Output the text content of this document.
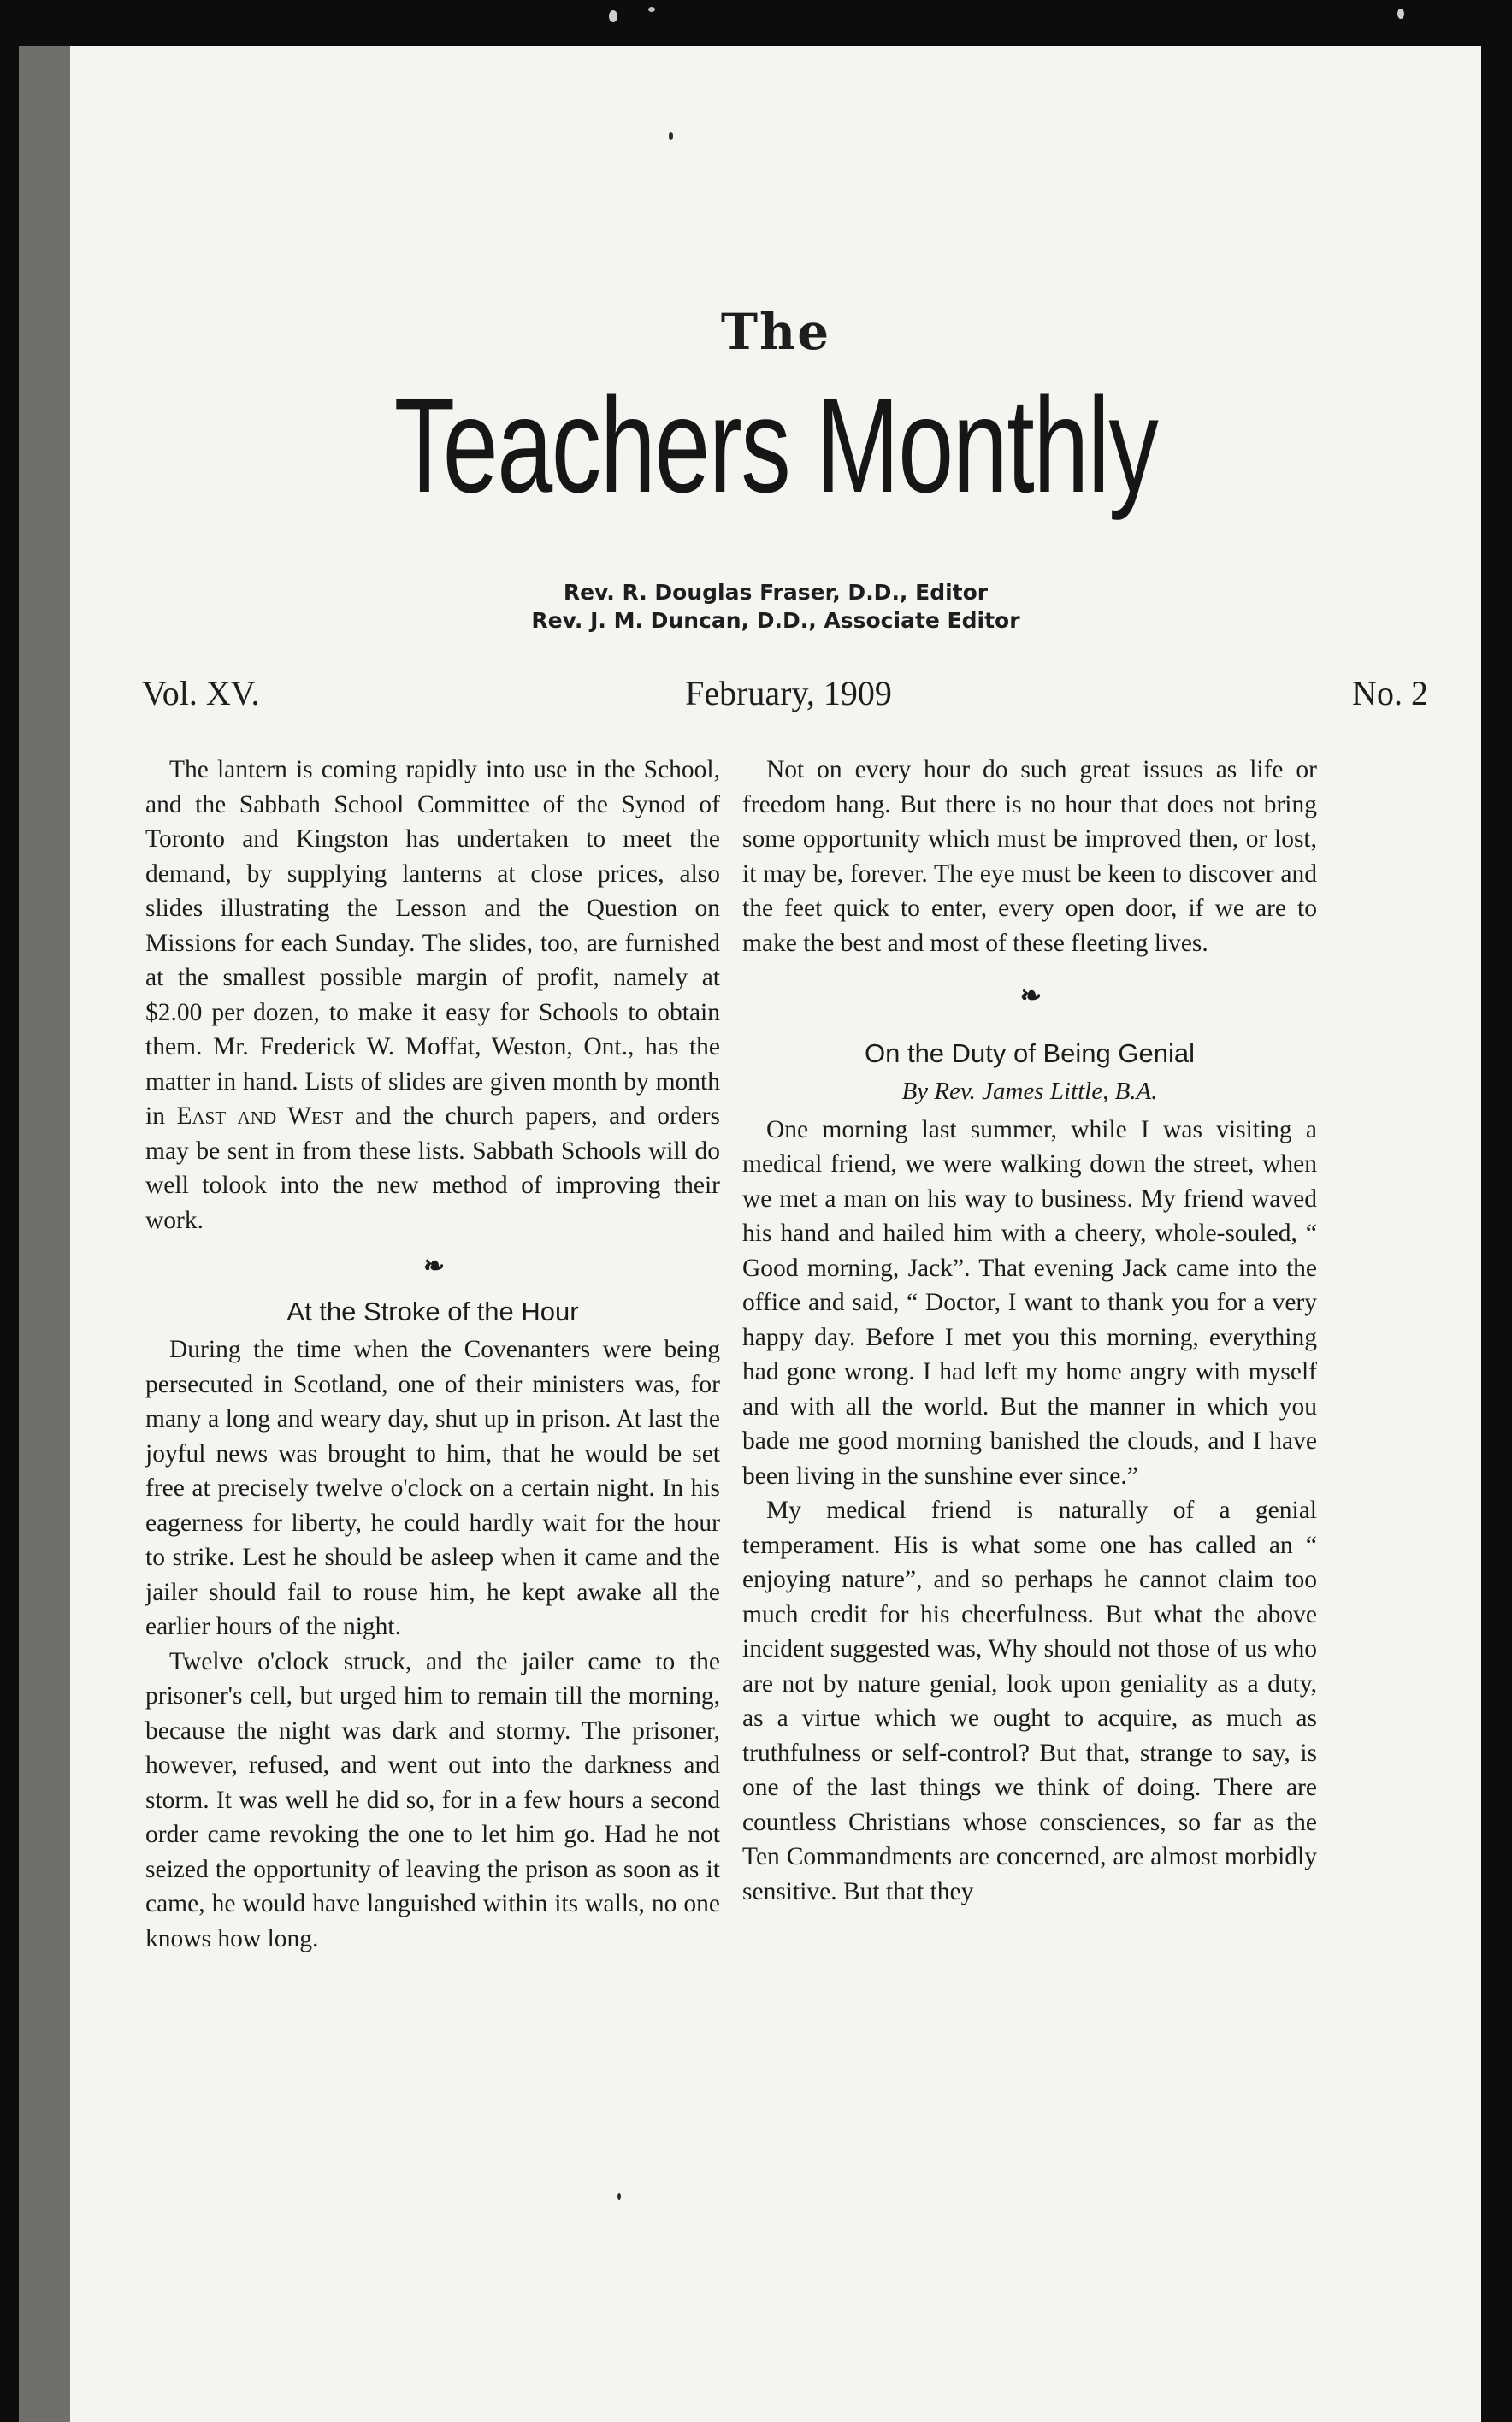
The
Teachers Monthly
Rev. R. Douglas Fraser, D.D., Editor
Rev. J. M. Duncan, D.D., Associate Editor
Vol. XV.	February, 1909	No. 2

The lantern is coming rapidly into use in the School, and the Sabbath School Committee of the Synod of Toronto and Kingston has undertaken to meet the demand, by supplying lanterns at close prices, also slides illustrating the Lesson and the Question on Missions for each Sunday. The slides, too, are furnished at the smallest possible margin of profit, namely at $2.00 per dozen, to make it easy for Schools to obtain them. Mr. Frederick W. Moffat, Weston, Ont., has the matter in hand. Lists of slides are given month by month in East and West and the church papers, and orders may be sent in from these lists. Sabbath Schools will do well tolook into the new method of improving their work.

❧
At the Stroke of the Hour

During the time when the Covenanters were being persecuted in Scotland, one of their ministers was, for many a long and weary day, shut up in prison. At last the joyful news was brought to him, that he would be set free at precisely twelve o'clock on a certain night. In his eagerness for liberty, he could hardly wait for the hour to strike. Lest he should be asleep when it came and the jailer should fail to rouse him, he kept awake all the earlier hours of the night.

Twelve o'clock struck, and the jailer came to the prisoner's cell, but urged him to remain till the morning, because the night was dark and stormy. The prisoner, however, refused, and went out into the darkness and storm. It was well he did so, for in a few hours a second order came revoking the one to let him go. Had he not seized the opportunity of leaving the prison as soon as it came, he would have languished within its walls, no one knows how long.

Not on every hour do such great issues as life or freedom hang. But there is no hour that does not bring some opportunity which must be improved then, or lost, it may be, forever. The eye must be keen to discover and the feet quick to enter, every open door, if we are to make the best and most of these fleeting lives.

❧
On the Duty of Being Genial
By Rev. James Little, B.A.

One morning last summer, while I was visiting a medical friend, we were walking down the street, when we met a man on his way to business. My friend waved his hand and hailed him with a cheery, whole-souled, “ Good morning, Jack”. That evening Jack came into the office and said, “ Doctor, I want to thank you for a very happy day. Before I met you this morning, everything had gone wrong. I had left my home angry with myself and with all the world. But the manner in which you bade me good morning banished the clouds, and I have been living in the sunshine ever since.”

My medical friend is naturally of a genial temperament. His is what some one has called an “ enjoying nature”, and so perhaps he cannot claim too much credit for his cheerfulness. But what the above incident suggested was, Why should not those of us who are not by nature genial, look upon geniality as a duty, as a virtue which we ought to acquire, as much as truthfulness or self-control? But that, strange to say, is one of the last things we think of doing. There are countless Christians whose consciences, so far as the Ten Commandments are concerned, are almost morbidly sensitive. But that they
